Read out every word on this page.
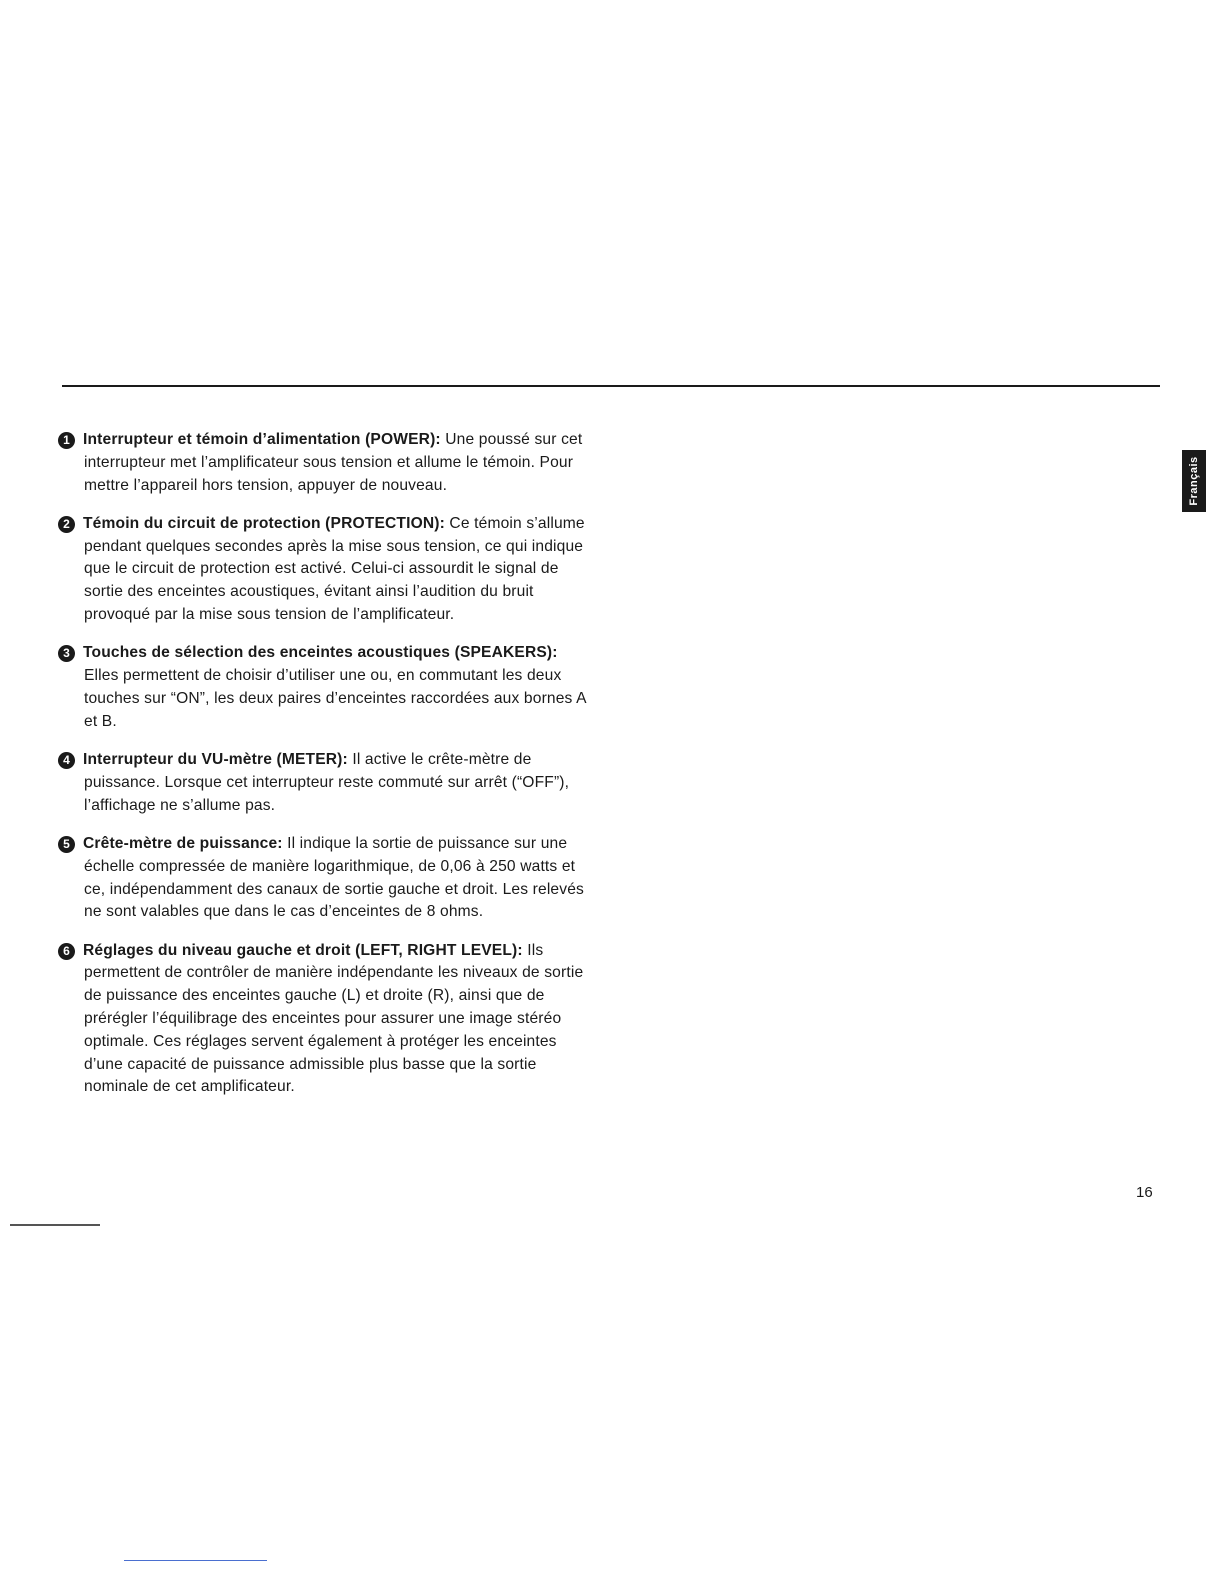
Français
1 Interrupteur et témoin d’alimentation (POWER): Une poussé sur cet interrupteur met l’amplificateur sous tension et allume le témoin. Pour mettre l’appareil hors tension, appuyer de nouveau.
2 Témoin du circuit de protection (PROTECTION): Ce témoin s’allume pendant quelques secondes après la mise sous tension, ce qui indique que le circuit de protection est activé. Celui-ci assourdit le signal de sortie des enceintes acoustiques, évitant ainsi l’audition du bruit provoqué par la mise sous tension de l’amplificateur.
3 Touches de sélection des enceintes acoustiques (SPEAKERS): Elles permettent de choisir d’utiliser une ou, en commutant les deux touches sur “ON”, les deux paires d’enceintes raccordées aux bornes A et B.
4 Interrupteur du VU-mètre (METER): Il active le crête-mètre de puissance. Lorsque cet interrupteur reste commuté sur arrêt (“OFF”), l’affichage ne s’allume pas.
5 Crête-mètre de puissance: Il indique la sortie de puissance sur une échelle compressée de manière logarithmique, de 0,06 à 250 watts et ce, indépendamment des canaux de sortie gauche et droit. Les relevés ne sont valables que dans le cas d’enceintes de 8 ohms.
6 Réglages du niveau gauche et droit (LEFT, RIGHT LEVEL): Ils permettent de contrôler de manière indépendante les niveaux de sortie de puissance des enceintes gauche (L) et droite (R), ainsi que de prérégler l’équilibrage des enceintes pour assurer une image stéréo optimale. Ces réglages servent également à protéger les enceintes d’une capacité de puissance admissible plus basse que la sortie nominale de cet amplificateur.
16
